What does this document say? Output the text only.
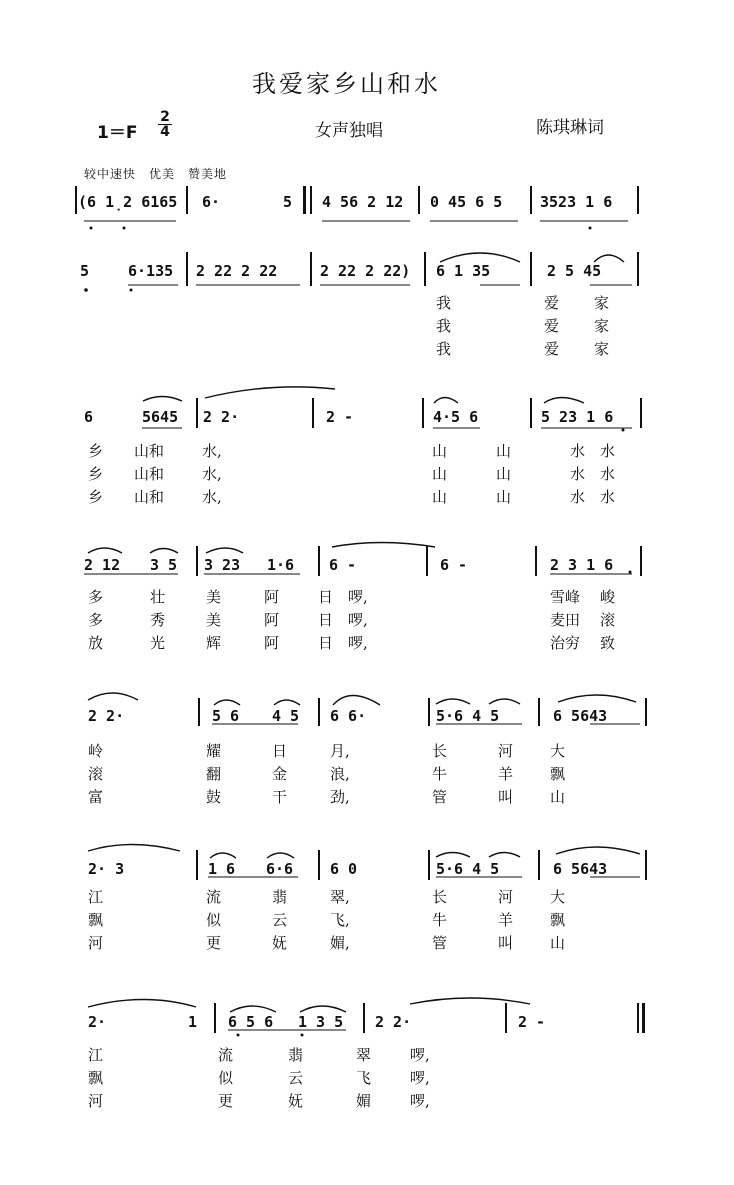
我爱家乡山和水
1＝F
2
4	女声独唱	陈琪琳词
较中速快　优美　赞美地
(6 1̣2 6165 6·	5 4 56 2 12 0 45 6 5	3523 1 6
5	6·135 2 22 2 22	2 22 2 22) 6 1 35	2 5 45
我	爱 家
我	爱 家
我	爱 家
6	5645 2 2·	2 -	4·5 6	5 23 1 6
乡 山和	水,	山	山	水 水
乡 山和	水,	山	山	水 水
乡 山和	水,	山	山	水 水
2 12 3 5 3 23 1·6 6 -	6 -	2 3 1 6
多	壮	美	阿	日 啰,	雪峰 峻
多	秀	美	阿	日 啰,	麦田 滚
放	光	辉	阿	日 啰,	治穷 致
2 2·	5 6 4 5 6 6·	5·6 4 5	6 5643
岭	耀	日	月,	长	河 大
滚	翻	金	浪,	牛	羊 飘
富	鼓	干	劲,	管	叫 山
2· 3	1 6 6·6 6 0	5·6 4 5	6 5643
江	流	翡	翠,	长	河 大
飘	似	云	飞,	牛	羊 飘
河	更	妩	媚,	管	叫 山
2·	1 6 5 6 1 3 5 2 2·	2 -
江	流	翡	翠	啰,
飘	似	云	飞	啰,
河	更	妩	媚	啰,
